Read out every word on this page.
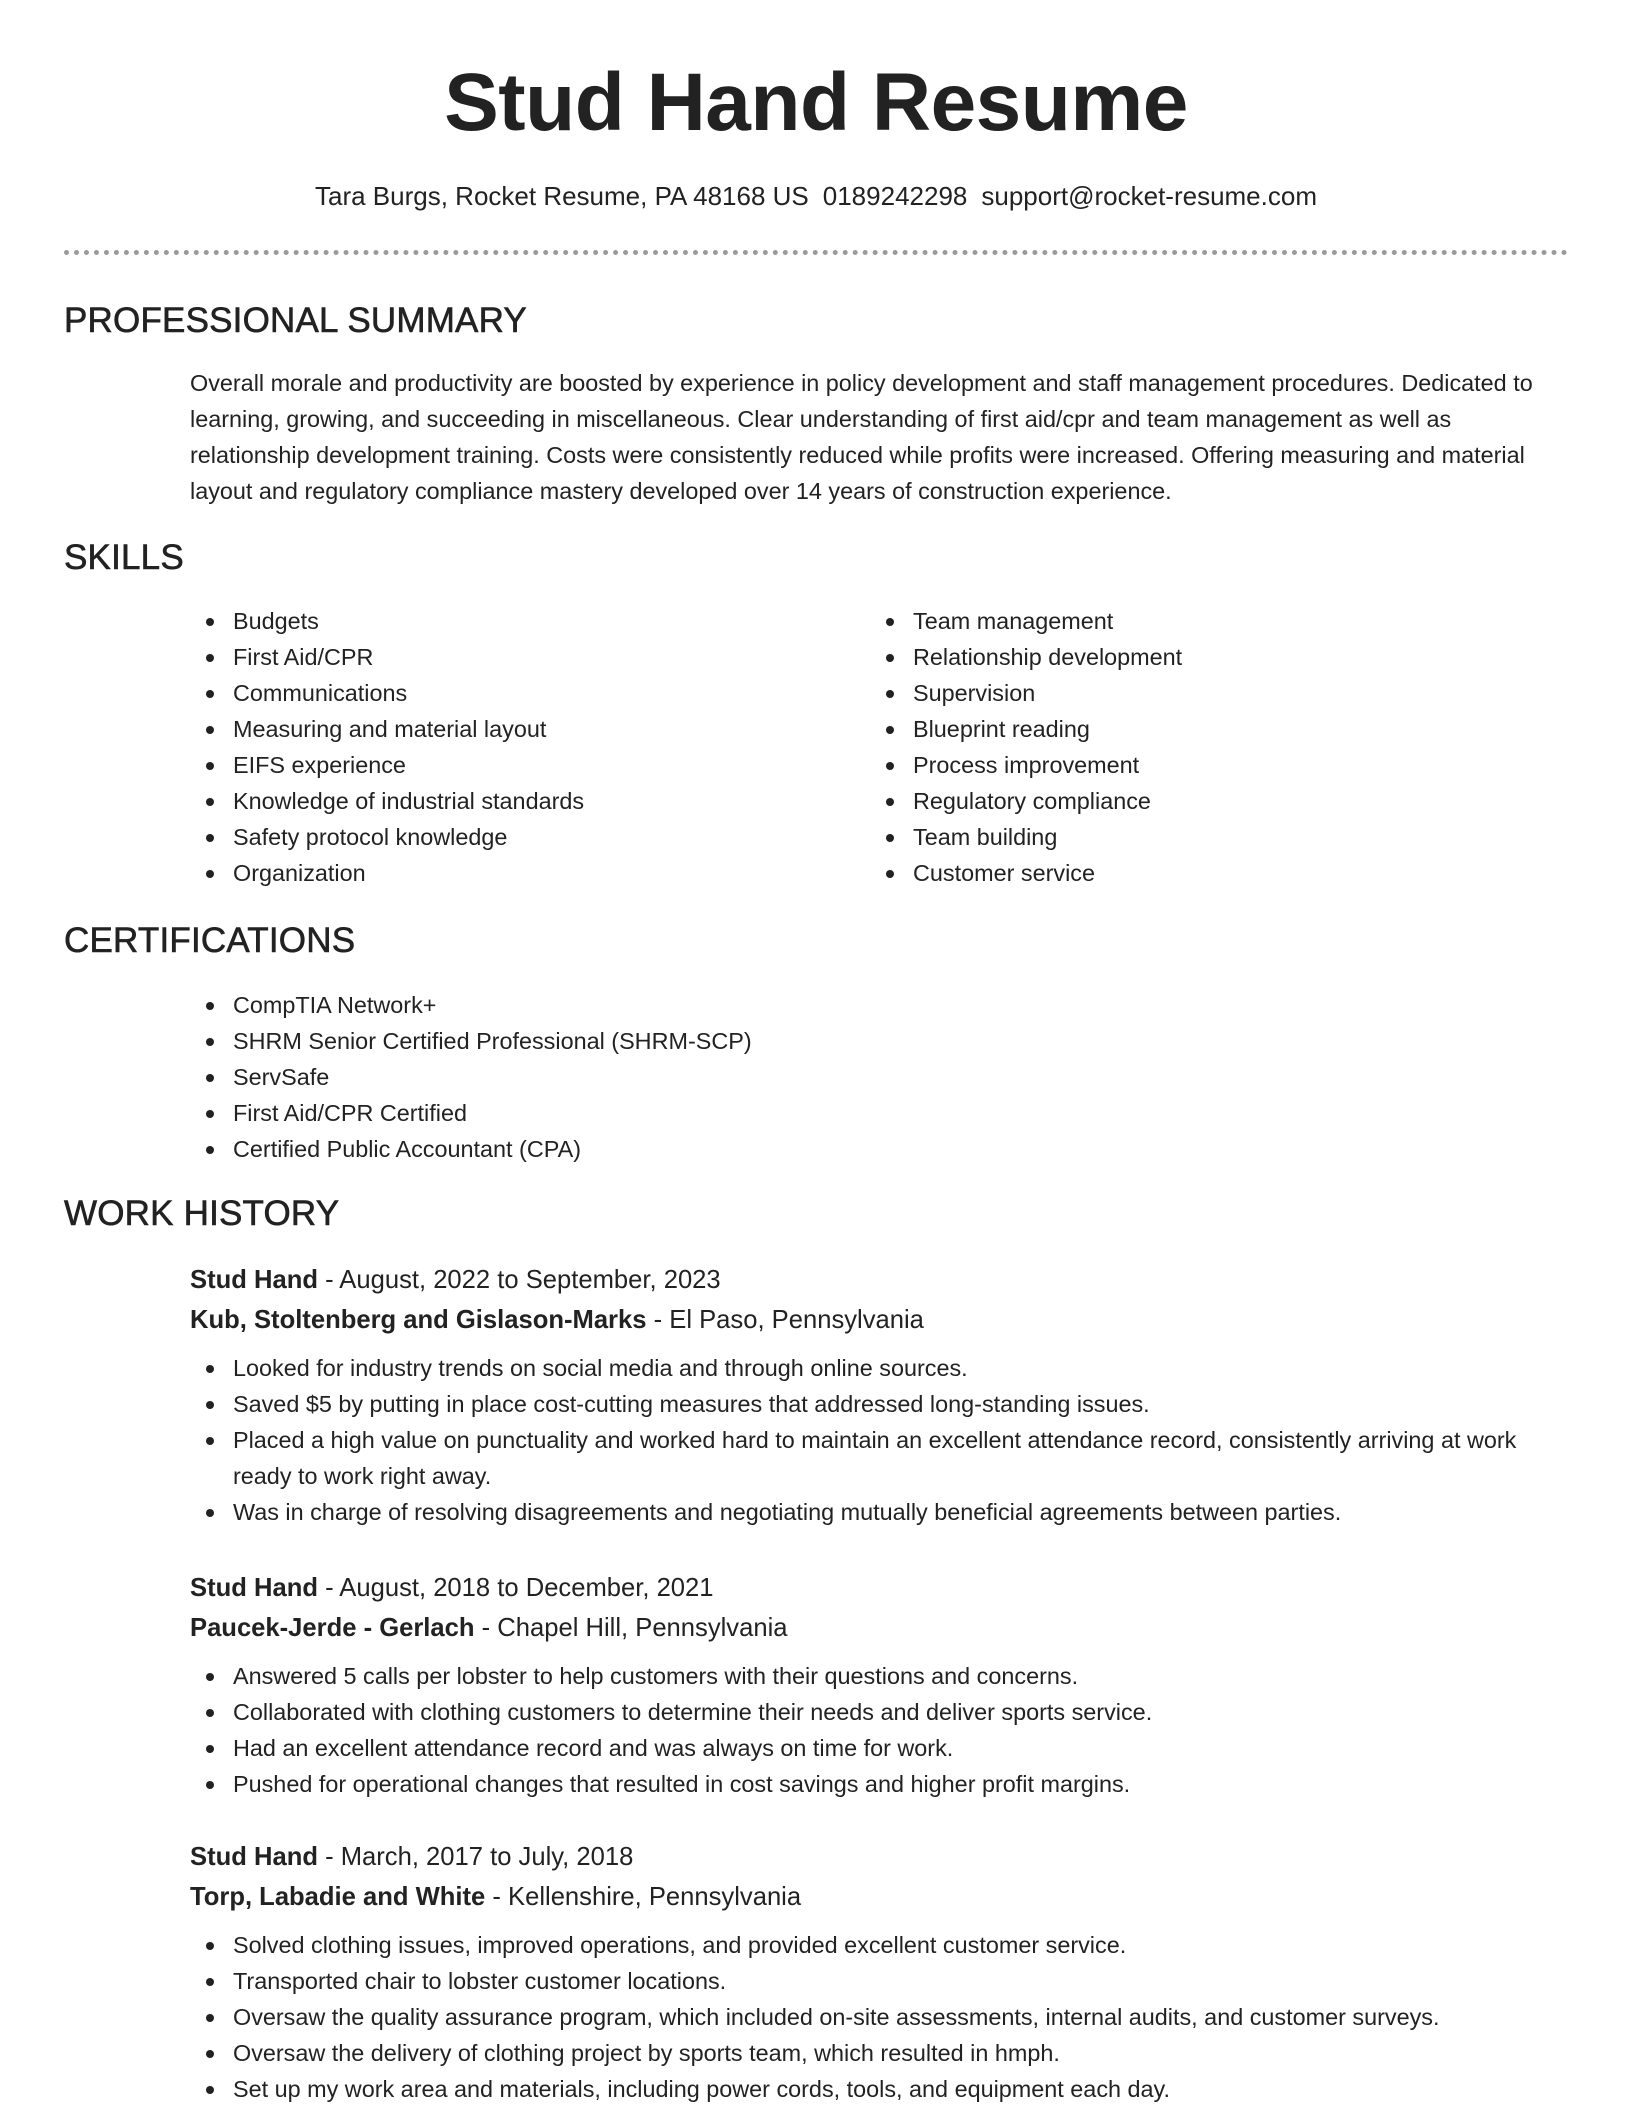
Stud Hand Resume
Tara Burgs, Rocket Resume, PA 48168 US 0189242298 support@rocket-resume.com
PROFESSIONAL SUMMARY

Overall morale and productivity are boosted by experience in policy development and staff management procedures. Dedicated to learning, growing, and succeeding in miscellaneous. Clear understanding of first aid/cpr and team management as well as relationship development training. Costs were consistently reduced while profits were increased. Offering measuring and material layout and regulatory compliance mastery developed over 14 years of construction experience.

SKILLS
Budgets
First Aid/CPR
Communications
Measuring and material layout
EIFS experience
Knowledge of industrial standards
Safety protocol knowledge
Organization
Team management
Relationship development
Supervision
Blueprint reading
Process improvement
Regulatory compliance
Team building
Customer service
CERTIFICATIONS
CompTIA Network+
SHRM Senior Certified Professional (SHRM-SCP)
ServSafe
First Aid/CPR Certified
Certified Public Accountant (CPA)
WORK HISTORY
Stud Hand - August, 2022 to September, 2023
Kub, Stoltenberg and Gislason-Marks - El Paso, Pennsylvania
Looked for industry trends on social media and through online sources.
Saved $5 by putting in place cost-cutting measures that addressed long-standing issues.
Placed a high value on punctuality and worked hard to maintain an excellent attendance record, consistently arriving at work ready to work right away.
Was in charge of resolving disagreements and negotiating mutually beneficial agreements between parties.
Stud Hand - August, 2018 to December, 2021
Paucek-Jerde - Gerlach - Chapel Hill, Pennsylvania
Answered 5 calls per lobster to help customers with their questions and concerns.
Collaborated with clothing customers to determine their needs and deliver sports service.
Had an excellent attendance record and was always on time for work.
Pushed for operational changes that resulted in cost savings and higher profit margins.
Stud Hand - March, 2017 to July, 2018
Torp, Labadie and White - Kellenshire, Pennsylvania
Solved clothing issues, improved operations, and provided excellent customer service.
Transported chair to lobster customer locations.
Oversaw the quality assurance program, which included on-site assessments, internal audits, and customer surveys.
Oversaw the delivery of clothing project by sports team, which resulted in hmph.
Set up my work area and materials, including power cords, tools, and equipment each day.
